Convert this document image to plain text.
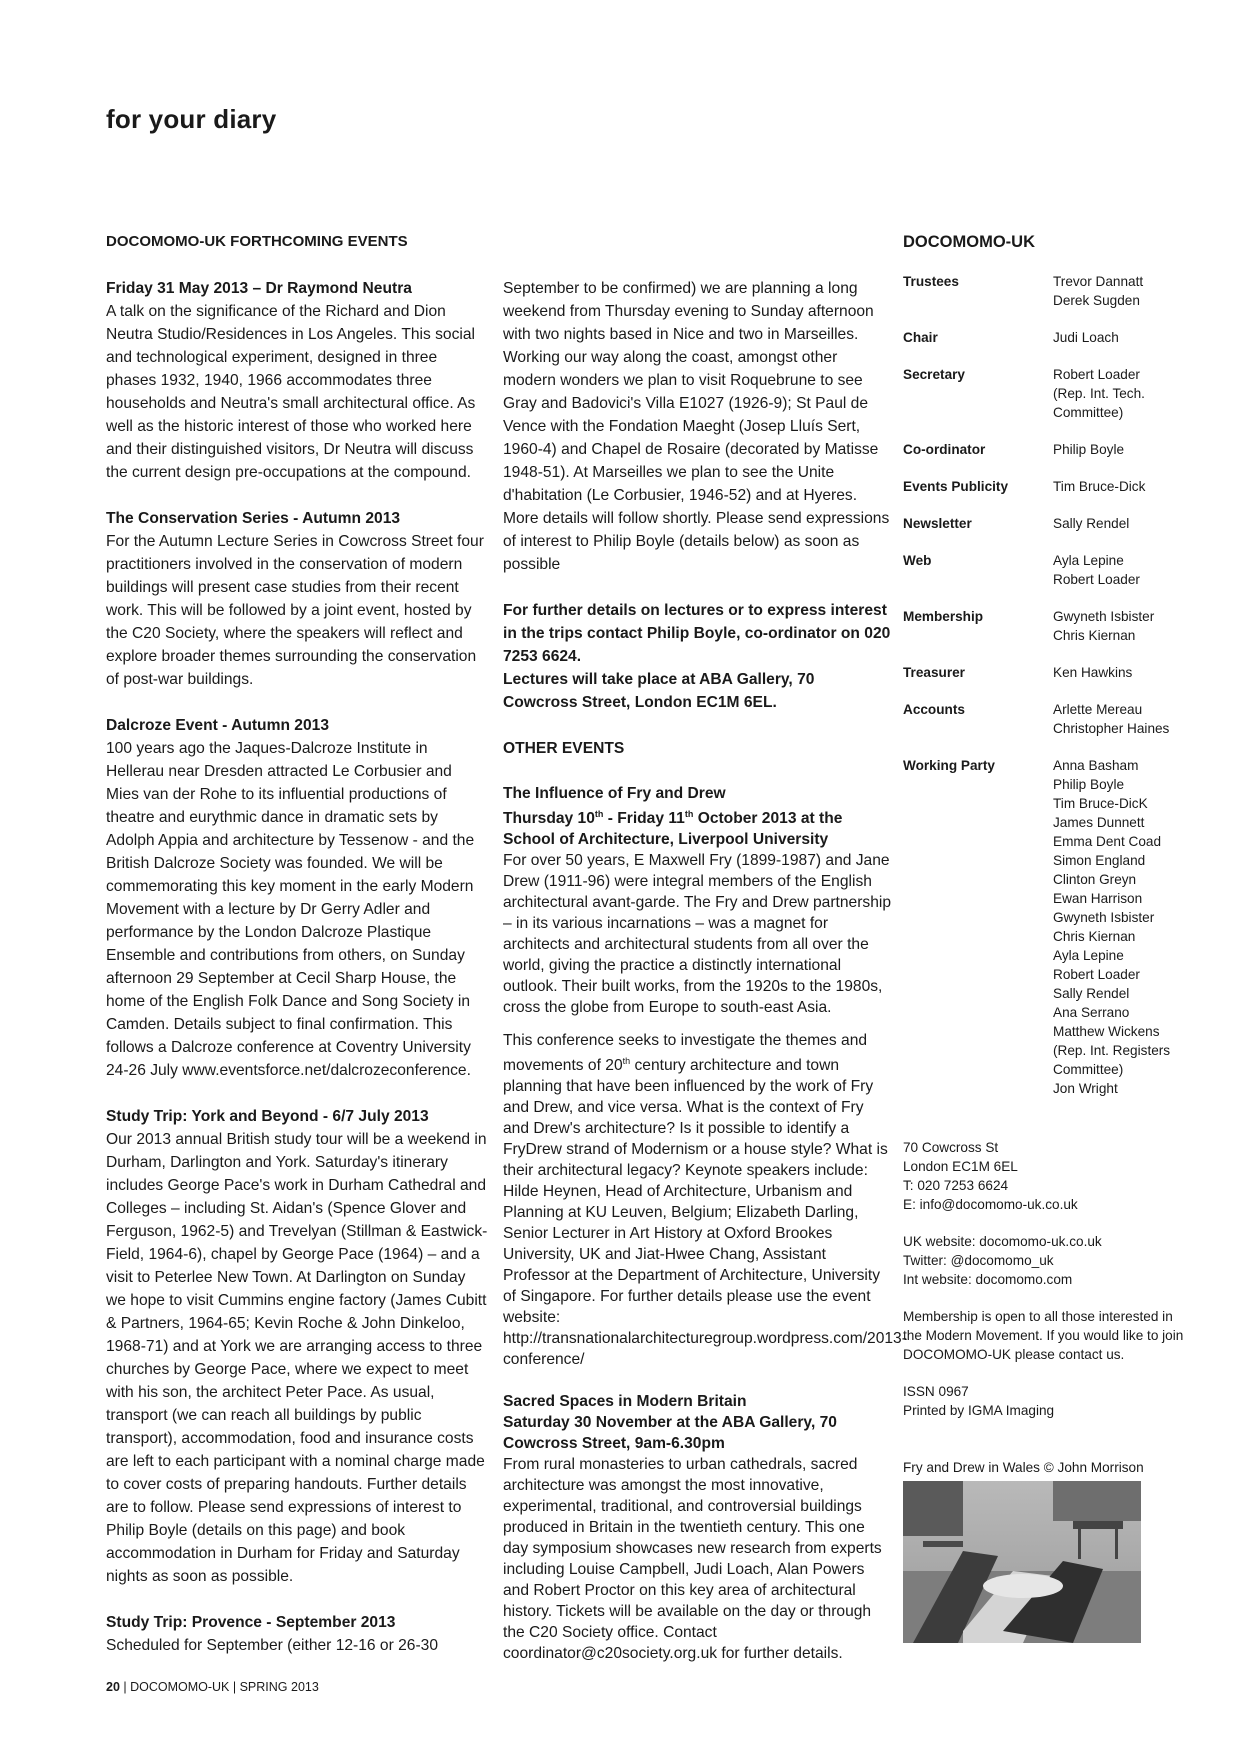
for your diary
DOCOMOMO-UK FORTHCOMING EVENTS
Friday 31 May 2013 – Dr Raymond Neutra

A talk on the significance of the Richard and Dion Neutra Studio/Residences in Los Angeles. This social and technological experiment, designed in three phases 1932, 1940, 1966 accommodates three households and Neutra's small architectural office. As well as the historic interest of those who worked here and their distinguished visitors, Dr Neutra will discuss the current design pre-occupations at the compound.

The Conservation Series - Autumn 2013

For the Autumn Lecture Series in Cowcross Street four practitioners involved in the conservation of modern buildings will present case studies from their recent work. This will be followed by a joint event, hosted by the C20 Society, where the speakers will reflect and explore broader themes surrounding the conservation of post-war buildings.

Dalcroze Event - Autumn 2013

100 years ago the Jaques-Dalcroze Institute in Hellerau near Dresden attracted Le Corbusier and Mies van der Rohe to its influential productions of theatre and eurythmic dance in dramatic sets by Adolph Appia and architecture by Tessenow - and the British Dalcroze Society was founded. We will be commemorating this key moment in the early Modern Movement with a lecture by Dr Gerry Adler and performance by the London Dalcroze Plastique Ensemble and contributions from others, on Sunday afternoon 29 September at Cecil Sharp House, the home of the English Folk Dance and Song Society in Camden. Details subject to final confirmation. This follows a Dalcroze conference at Coventry University 24-26 July www.eventsforce.net/dalcrozeconference.

Study Trip: York and Beyond - 6/7 July 2013

Our 2013 annual British study tour will be a weekend in Durham, Darlington and York. Saturday's itinerary includes George Pace's work in Durham Cathedral and Colleges – including St. Aidan's (Spence Glover and Ferguson, 1962-5) and Trevelyan (Stillman & Eastwick-Field, 1964-6), chapel by George Pace (1964) – and a visit to Peterlee New Town. At Darlington on Sunday we hope to visit Cummins engine factory (James Cubitt & Partners, 1964-65; Kevin Roche & John Dinkeloo, 1968-71) and at York we are arranging access to three churches by George Pace, where we expect to meet with his son, the architect Peter Pace. As usual, transport (we can reach all buildings by public transport), accommodation, food and insurance costs are left to each participant with a nominal charge made to cover costs of preparing handouts. Further details are to follow. Please send expressions of interest to Philip Boyle (details on this page) and book accommodation in Durham for Friday and Saturday nights as soon as possible.

Study Trip: Provence - September 2013

Scheduled for September (either 12-16 or 26-30

September to be confirmed) we are planning a long weekend from Thursday evening to Sunday afternoon with two nights based in Nice and two in Marseilles. Working our way along the coast, amongst other modern wonders we plan to visit Roquebrune to see Gray and Badovici's Villa E1027 (1926-9); St Paul de Vence with the Fondation Maeght (Josep Lluís Sert, 1960-4) and Chapel de Rosaire (decorated by Matisse 1948-51). At Marseilles we plan to see the Unite d'habitation (Le Corbusier, 1946-52) and at Hyeres. More details will follow shortly. Please send expressions of interest to Philip Boyle (details below) as soon as possible

For further details on lectures or to express interest in the trips contact Philip Boyle, co-ordinator on 020 7253 6624.

Lectures will take place at ABA Gallery, 70 Cowcross Street, London EC1M 6EL.

OTHER EVENTS

The Influence of Fry and Drew
Thursday 10th - Friday 11th October 2013 at the School of Architecture, Liverpool University

For over 50 years, E Maxwell Fry (1899-1987) and Jane Drew (1911-96) were integral members of the English architectural avant-garde. The Fry and Drew partnership – in its various incarnations – was a magnet for architects and architectural students from all over the world, giving the practice a distinctly international outlook. Their built works, from the 1920s to the 1980s, cross the globe from Europe to south-east Asia.

This conference seeks to investigate the themes and movements of 20th century architecture and town planning that have been influenced by the work of Fry and Drew, and vice versa. What is the context of Fry and Drew's architecture? Is it possible to identify a FryDrew strand of Modernism or a house style? What is their architectural legacy? Keynote speakers include: Hilde Heynen, Head of Architecture, Urbanism and Planning at KU Leuven, Belgium; Elizabeth Darling, Senior Lecturer in Art History at Oxford Brookes University, UK and Jiat-Hwee Chang, Assistant Professor at the Department of Architecture, University of Singapore. For further details please use the event website: http://transnationalarchitecturegroup.wordpress.com/2013-conference/

Sacred Spaces in Modern Britain
Saturday 30 November at the ABA Gallery, 70 Cowcross Street, 9am-6.30pm

From rural monasteries to urban cathedrals, sacred architecture was amongst the most innovative, experimental, traditional, and controversial buildings produced in Britain in the twentieth century. This one day symposium showcases new research from experts including Louise Campbell, Judi Loach, Alan Powers and Robert Proctor on this key area of architectural history. Tickets will be available on the day or through the C20 Society office. Contact coordinator@c20society.org.uk for further details.

DOCOMOMO-UK
Trustees	Trevor Dannatt
Derek Sugden
Chair	Judi Loach
Secretary	Robert Loader
(Rep. Int. Tech.
Committee)
Co-ordinator	Philip Boyle
Events Publicity	Tim Bruce-Dick
Newsletter	Sally Rendel
Web	Ayla Lepine
Robert Loader
Membership	Gwyneth Isbister
Chris Kiernan
Treasurer	Ken Hawkins
Accounts	Arlette Mereau
Christopher Haines
Working Party	Anna Basham
Philip Boyle
Tim Bruce-DicK
James Dunnett
Emma Dent Coad
Simon England
Clinton Greyn
Ewan Harrison
Gwyneth Isbister
Chris Kiernan
Ayla Lepine
Robert Loader
Sally Rendel
Ana Serrano
Matthew Wickens
(Rep. Int. Registers
Committee)
Jon Wright

70 Cowcross St
London EC1M 6EL
T: 020 7253 6624
E: info@docomomo-uk.co.uk

UK website: docomomo-uk.co.uk
Twitter: @docomomo_uk
Int website: docomomo.com

Membership is open to all those interested in the Modern Movement. If you would like to join DOCOMOMO-UK please contact us.

ISSN 0967
Printed by IGMA Imaging

Fry and Drew in Wales © John Morrison
20 | DOCOMOMO-UK | SPRING 2013
